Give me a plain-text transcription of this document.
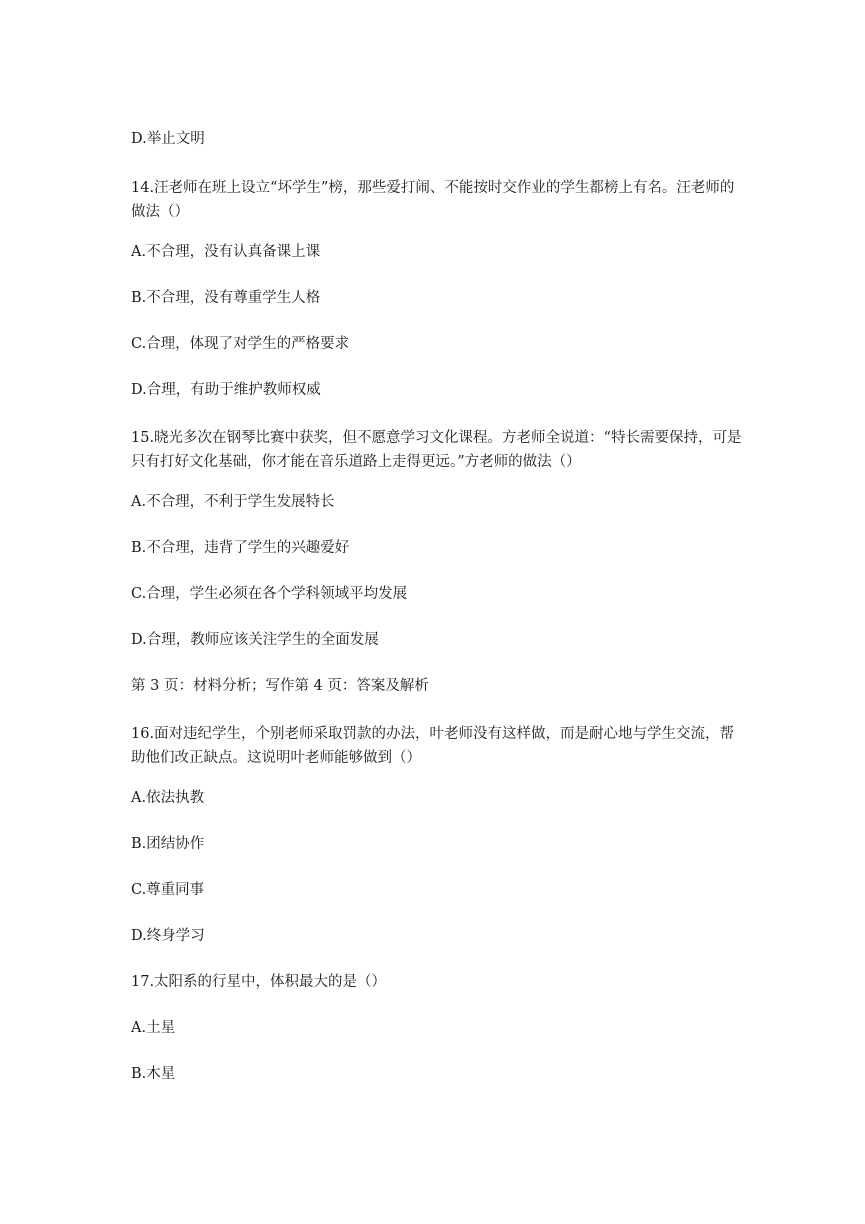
D.举止文明
14.汪老师在班上设立“坏学生”榜，那些爱打闹、不能按时交作业的学生都榜上有名。汪老师的做法（）
A.不合理，没有认真备课上课
B.不合理，没有尊重学生人格
C.合理，体现了对学生的严格要求
D.合理，有助于维护教师权威
15.晓光多次在钢琴比赛中获奖，但不愿意学习文化课程。方老师全说道：“特长需要保持，可是只有打好文化基础，你才能在音乐道路上走得更远。”方老师的做法（）
A.不合理，不利于学生发展特长
B.不合理，违背了学生的兴趣爱好
C.合理，学生必须在各个学科领域平均发展
D.合理，教师应该关注学生的全面发展
第 3 页：材料分析；写作第 4 页：答案及解析
16.面对违纪学生，个别老师采取罚款的办法，叶老师没有这样做，而是耐心地与学生交流，帮助他们改正缺点。这说明叶老师能够做到（）
A.依法执教
B.团结协作
C.尊重同事
D.终身学习
17.太阳系的行星中，体积最大的是（）
A.土星
B.木星
